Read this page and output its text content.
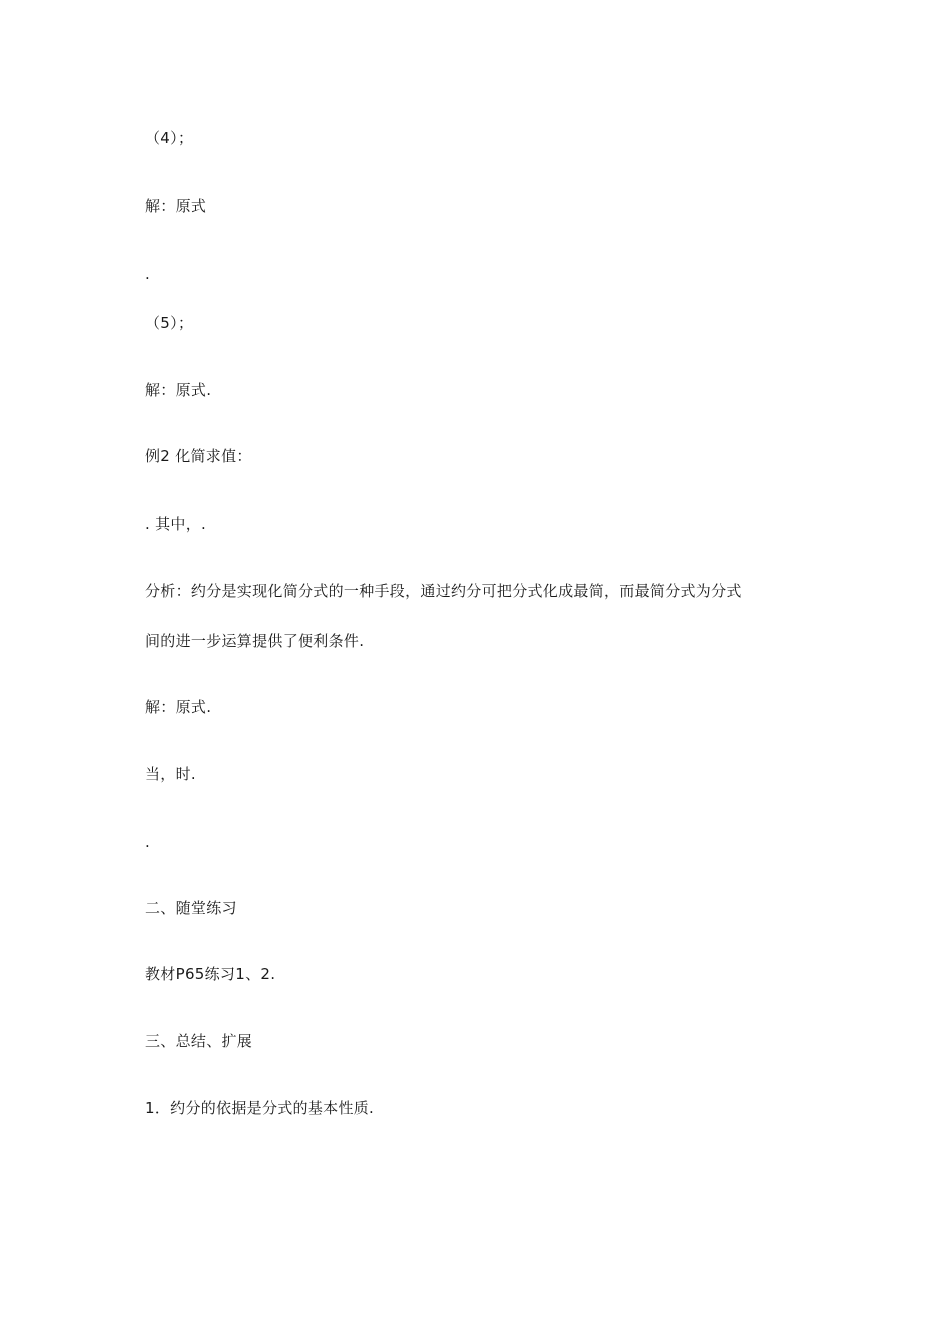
（4）；
解：原式
.
（5）；
解：原式.
例2 化简求值：
. 其中，.
分析：约分是实现化简分式的一种手段，通过约分可把分式化成最简，而最简分式为分式
间的进一步运算提供了便利条件.
解：原式.
当，时.
.
二、随堂练习
教材P65练习1、2.
三、总结、扩展
1．约分的依据是分式的基本性质.
